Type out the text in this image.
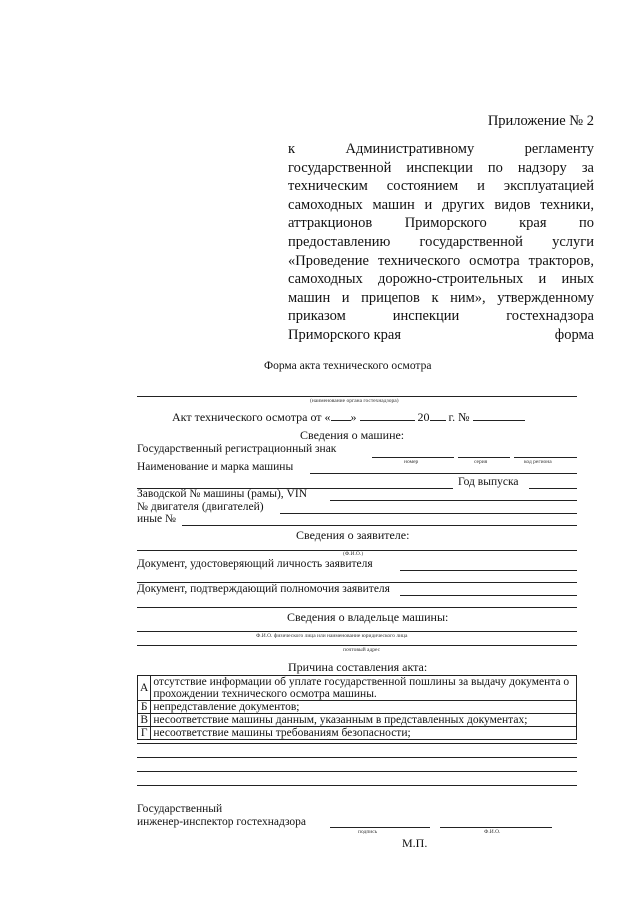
Приложение № 2
к Административному регламенту
государственной инспекции по надзору за
техническим состоянием и эксплуатацией
самоходных машин и других видов техники,
аттракционов Приморского края по
предоставлению государственной услуги
«Проведение технического осмотра тракторов,
самоходных дорожно-строительных и иных
машин и прицепов к ним», утвержденному
приказом инспекции гостехнадзора
Приморского края	форма
Форма акта технического осмотра
(наименование органа гостехнадзора)
Акт технического осмотра от « »	20 г. №
Сведения о машине:
Государственный регистрационный знак
номер	серия	код региона
Наименование и марка машины
Год выпуска
Заводской № машины (рамы), VIN
№ двигателя (двигателей)
иные №
Сведения о заявителе:
(Ф.И.О.)
Документ, удостоверяющий личность заявителя
Документ, подтверждающий полномочия заявителя
Сведения о владельце машины:
Ф.И.О. физического лица или наименование юридического лица
почтовый адрес
Причина составления акта:
А	отсутствие информации об уплате государственной пошлины за выдачу документа о прохождении технического осмотра машины.
Б	непредставление документов;
В	несоответствие машины данным, указанным в представленных документах;
Г	несоответствие машины требованиям безопасности;
Государственный
инженер-инспектор гостехнадзора
подпись	Ф.И.О.
М.П.
